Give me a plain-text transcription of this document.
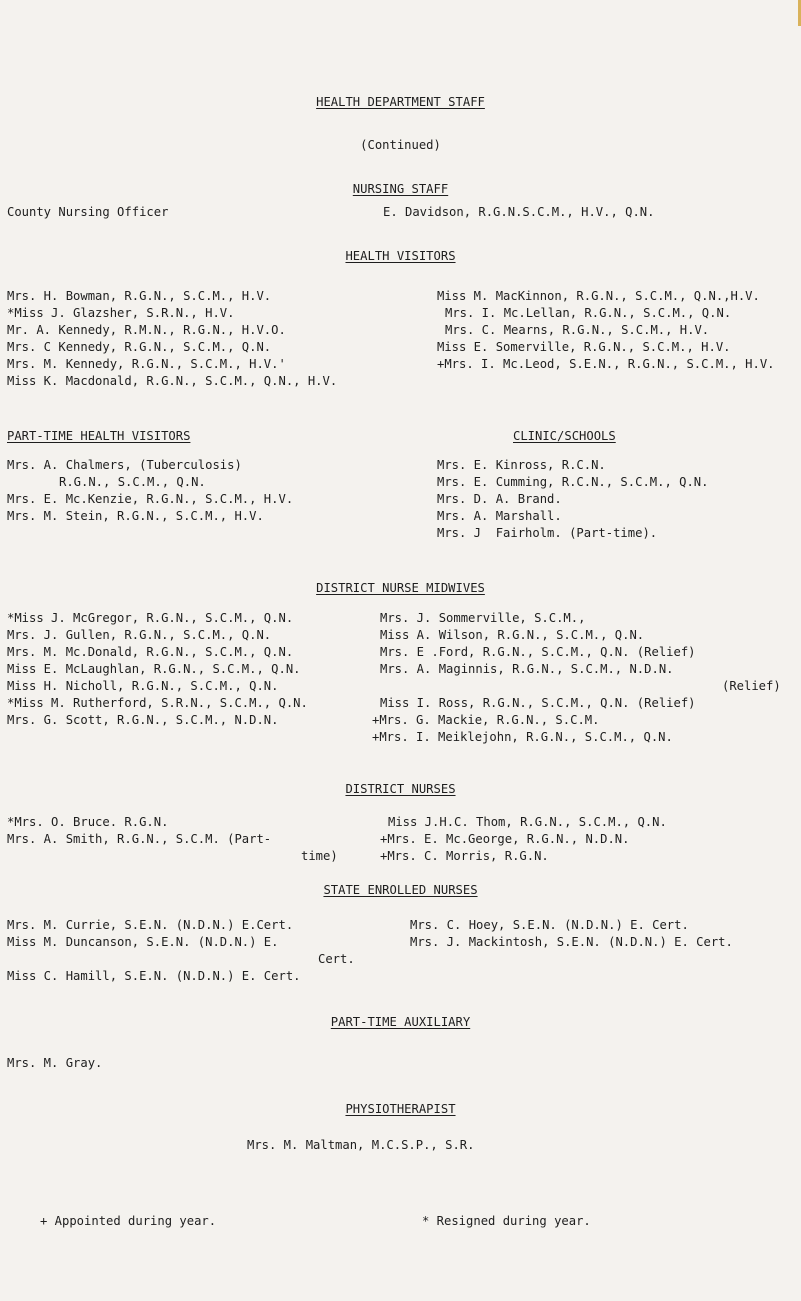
HEALTH DEPARTMENT STAFF
(Continued)
NURSING STAFF
County Nursing Officer	E. Davidson, R.G.N.S.C.M., H.V., Q.N.
HEALTH VISITORS
Mrs. H. Bowman, R.G.N., S.C.M., H.V.
*Miss J. Glazsher, S.R.N., H.V.
Mr. A. Kennedy, R.M.N., R.G.N., H.V.O.
Mrs. C Kennedy, R.G.N., S.C.M., Q.N.
Mrs. M. Kennedy, R.G.N., S.C.M., H.V.'
Miss K. Macdonald, R.G.N., S.C.M., Q.N., H.V.
Miss M. MacKinnon, R.G.N., S.C.M., Q.N.,H.V.
Mrs. I. Mc.Lellan, R.G.N., S.C.M., Q.N.
Mrs. C. Mearns, R.G.N., S.C.M., H.V.
Miss E. Somerville, R.G.N., S.C.M., H.V.
+Mrs. I. Mc.Leod, S.E.N., R.G.N., S.C.M., H.V.
PART-TIME HEALTH VISITORS	CLINIC/SCHOOLS
Mrs. A. Chalmers, (Tuberculosis)
R.G.N., S.C.M., Q.N.
Mrs. E. Mc.Kenzie, R.G.N., S.C.M., H.V.
Mrs. M. Stein, R.G.N., S.C.M., H.V.
Mrs. E. Kinross, R.C.N.
Mrs. E. Cumming, R.C.N., S.C.M., Q.N.
Mrs. D. A. Brand.
Mrs. A. Marshall.
Mrs. J  Fairholm. (Part-time).
DISTRICT NURSE MIDWIVES
*Miss J. McGregor, R.G.N., S.C.M., Q.N.
Mrs. J. Gullen, R.G.N., S.C.M., Q.N.
Mrs. M. Mc.Donald, R.G.N., S.C.M., Q.N.
Miss E. McLaughlan, R.G.N., S.C.M., Q.N.
Miss H. Nicholl, R.G.N., S.C.M., Q.N.
*Miss M. Rutherford, S.R.N., S.C.M., Q.N.
Mrs. G. Scott, R.G.N., S.C.M., N.D.N.
Mrs. J. Sommerville, S.C.M.,
Miss A. Wilson, R.G.N., S.C.M., Q.N.
Mrs. E .Ford, R.G.N., S.C.M., Q.N. (Relief)
Mrs. A. Maginnis, R.G.N., S.C.M., N.D.N.
(Relief)
Miss I. Ross, R.G.N., S.C.M., Q.N. (Relief)
+Mrs. G. Mackie, R.G.N., S.C.M.
+Mrs. I. Meiklejohn, R.G.N., S.C.M., Q.N.
DISTRICT NURSES
*Mrs. O. Bruce. R.G.N.
Mrs. A. Smith, R.G.N., S.C.M. (Part-
time)
Miss J.H.C. Thom, R.G.N., S.C.M., Q.N.
+Mrs. E. Mc.George, R.G.N., N.D.N.
+Mrs. C. Morris, R.G.N.
STATE ENROLLED NURSES
Mrs. M. Currie, S.E.N. (N.D.N.) E.Cert.
Miss M. Duncanson, S.E.N. (N.D.N.) E.
Cert.
Miss C. Hamill, S.E.N. (N.D.N.) E. Cert.
Mrs. C. Hoey, S.E.N. (N.D.N.) E. Cert.
Mrs. J. Mackintosh, S.E.N. (N.D.N.) E. Cert.
PART-TIME AUXILIARY
Mrs. M. Gray.
PHYSIOTHERAPIST
Mrs. M. Maltman, M.C.S.P., S.R.
+ Appointed during year.	* Resigned during year.
